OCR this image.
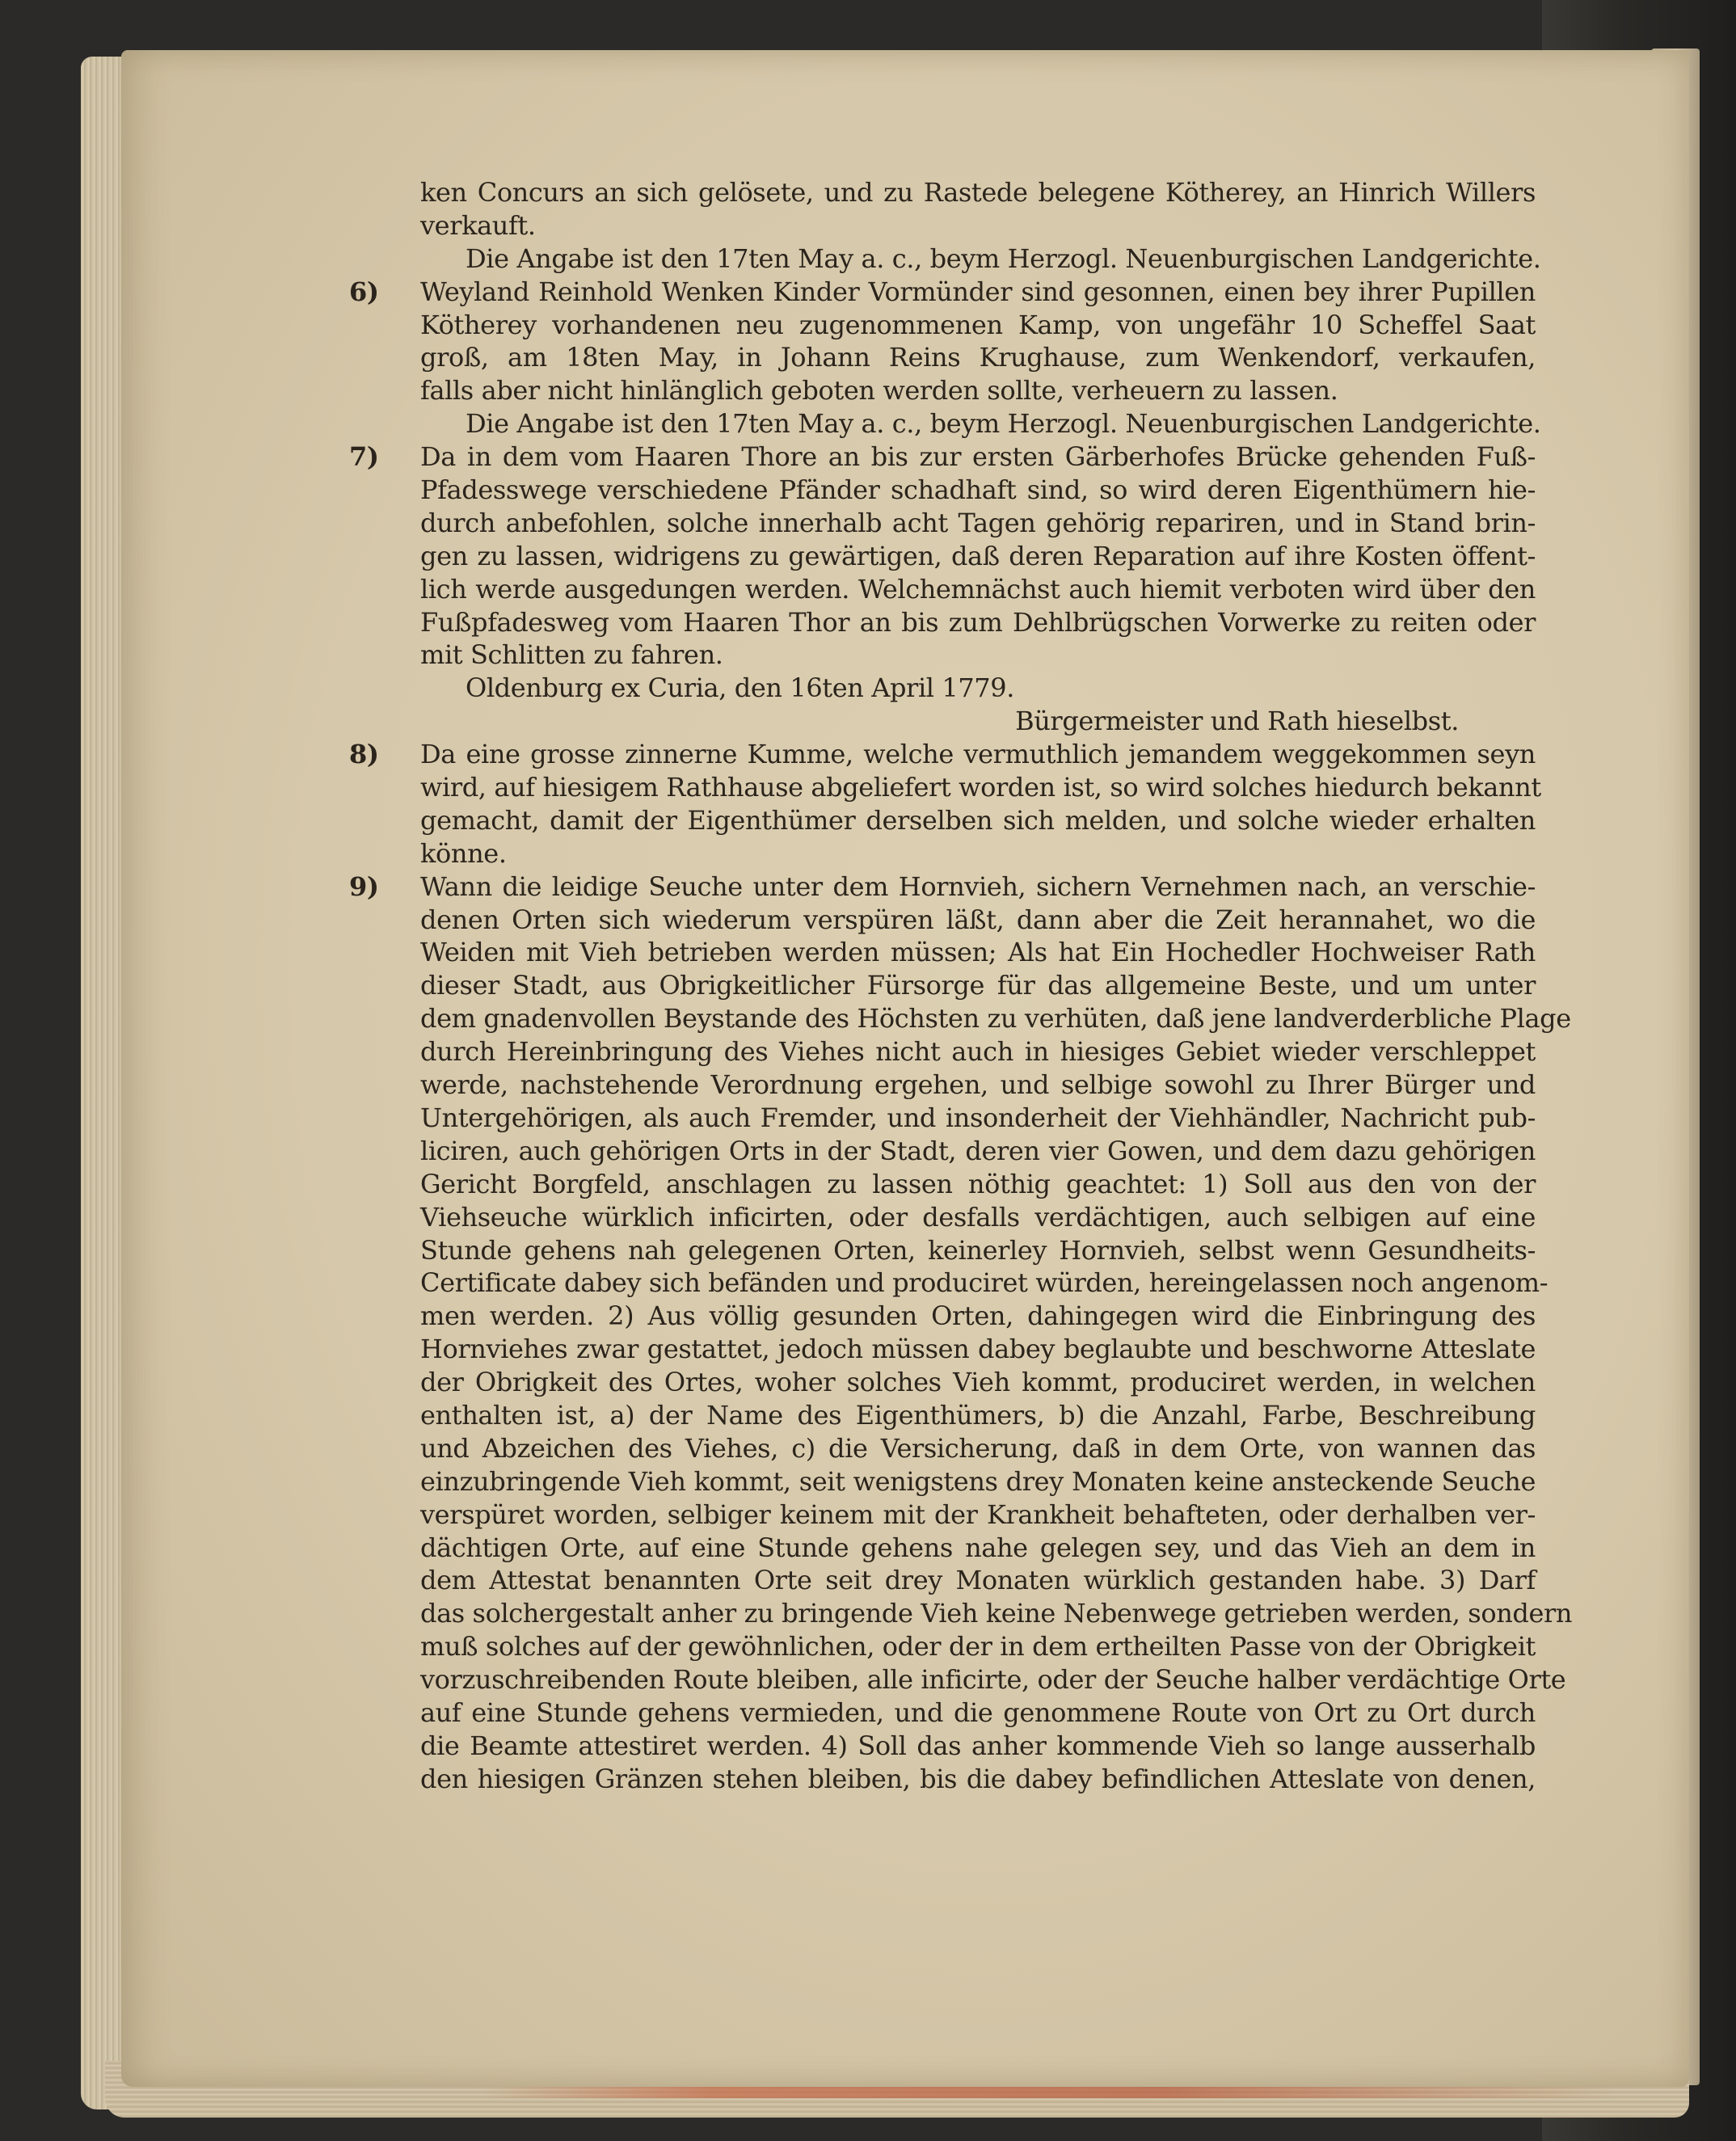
ken Concurs an sich gelösete, und zu Rastede belegene Kötherey, an Hinrich Willers
verkauft.
Die Angabe ist den 17ten May a. c., beym Herzogl. Neuenburgischen Landgerichte.
6)	Weyland Reinhold Wenken Kinder Vormünder sind gesonnen, einen bey ihrer Pupillen
Kötherey vorhandenen neu zugenommenen Kamp, von ungefähr 10 Scheffel Saat
groß, am 18ten May, in Johann Reins Krughause, zum Wenkendorf, verkaufen,
falls aber nicht hinlänglich geboten werden sollte, verheuern zu lassen.
Die Angabe ist den 17ten May a. c., beym Herzogl. Neuenburgischen Landgerichte.
7)	Da in dem vom Haaren Thore an bis zur ersten Gärberhofes Brücke gehenden Fuß-
Pfadesswege verschiedene Pfänder schadhaft sind, so wird deren Eigenthümern hie-
durch anbefohlen, solche innerhalb acht Tagen gehörig repariren, und in Stand brin-
gen zu lassen, widrigens zu gewärtigen, daß deren Reparation auf ihre Kosten öffent-
lich werde ausgedungen werden. Welchemnächst auch hiemit verboten wird über den
Fußpfadesweg vom Haaren Thor an bis zum Dehlbrügschen Vorwerke zu reiten oder
mit Schlitten zu fahren.
Oldenburg ex Curia, den 16ten April 1779.
Bürgermeister und Rath hieselbst.
8)	Da eine grosse zinnerne Kumme, welche vermuthlich jemandem weggekommen seyn
wird, auf hiesigem Rathhause abgeliefert worden ist, so wird solches hiedurch bekannt
gemacht, damit der Eigenthümer derselben sich melden, und solche wieder erhalten
könne.
9)	Wann die leidige Seuche unter dem Hornvieh, sichern Vernehmen nach, an verschie-
denen Orten sich wiederum verspüren läßt, dann aber die Zeit herannahet, wo die
Weiden mit Vieh betrieben werden müssen; Als hat Ein Hochedler Hochweiser Rath
dieser Stadt, aus Obrigkeitlicher Fürsorge für das allgemeine Beste, und um unter
dem gnadenvollen Beystande des Höchsten zu verhüten, daß jene landverderbliche Plage
durch Hereinbringung des Viehes nicht auch in hiesiges Gebiet wieder verschleppet
werde, nachstehende Verordnung ergehen, und selbige sowohl zu Ihrer Bürger und
Untergehörigen, als auch Fremder, und insonderheit der Viehhändler, Nachricht pub-
liciren, auch gehörigen Orts in der Stadt, deren vier Gowen, und dem dazu gehörigen
Gericht Borgfeld, anschlagen zu lassen nöthig geachtet: 1) Soll aus den von der
Viehseuche würklich inficirten, oder desfalls verdächtigen, auch selbigen auf eine
Stunde gehens nah gelegenen Orten, keinerley Hornvieh, selbst wenn Gesundheits-
Certificate dabey sich befänden und produciret würden, hereingelassen noch angenom-
men werden. 2) Aus völlig gesunden Orten, dahingegen wird die Einbringung des
Hornviehes zwar gestattet, jedoch müssen dabey beglaubte und beschworne Atteslate
der Obrigkeit des Ortes, woher solches Vieh kommt, produciret werden, in welchen
enthalten ist, a) der Name des Eigenthümers, b) die Anzahl, Farbe, Beschreibung
und Abzeichen des Viehes, c) die Versicherung, daß in dem Orte, von wannen das
einzubringende Vieh kommt, seit wenigstens drey Monaten keine ansteckende Seuche
verspüret worden, selbiger keinem mit der Krankheit behafteten, oder derhalben ver-
dächtigen Orte, auf eine Stunde gehens nahe gelegen sey, und das Vieh an dem in
dem Attestat benannten Orte seit drey Monaten würklich gestanden habe. 3) Darf
das solchergestalt anher zu bringende Vieh keine Nebenwege getrieben werden, sondern
muß solches auf der gewöhnlichen, oder der in dem ertheilten Passe von der Obrigkeit
vorzuschreibenden Route bleiben, alle inficirte, oder der Seuche halber verdächtige Orte
auf eine Stunde gehens vermieden, und die genommene Route von Ort zu Ort durch
die Beamte attestiret werden. 4) Soll das anher kommende Vieh so lange ausserhalb
den hiesigen Gränzen stehen bleiben, bis die dabey befindlichen Atteslate von denen,
